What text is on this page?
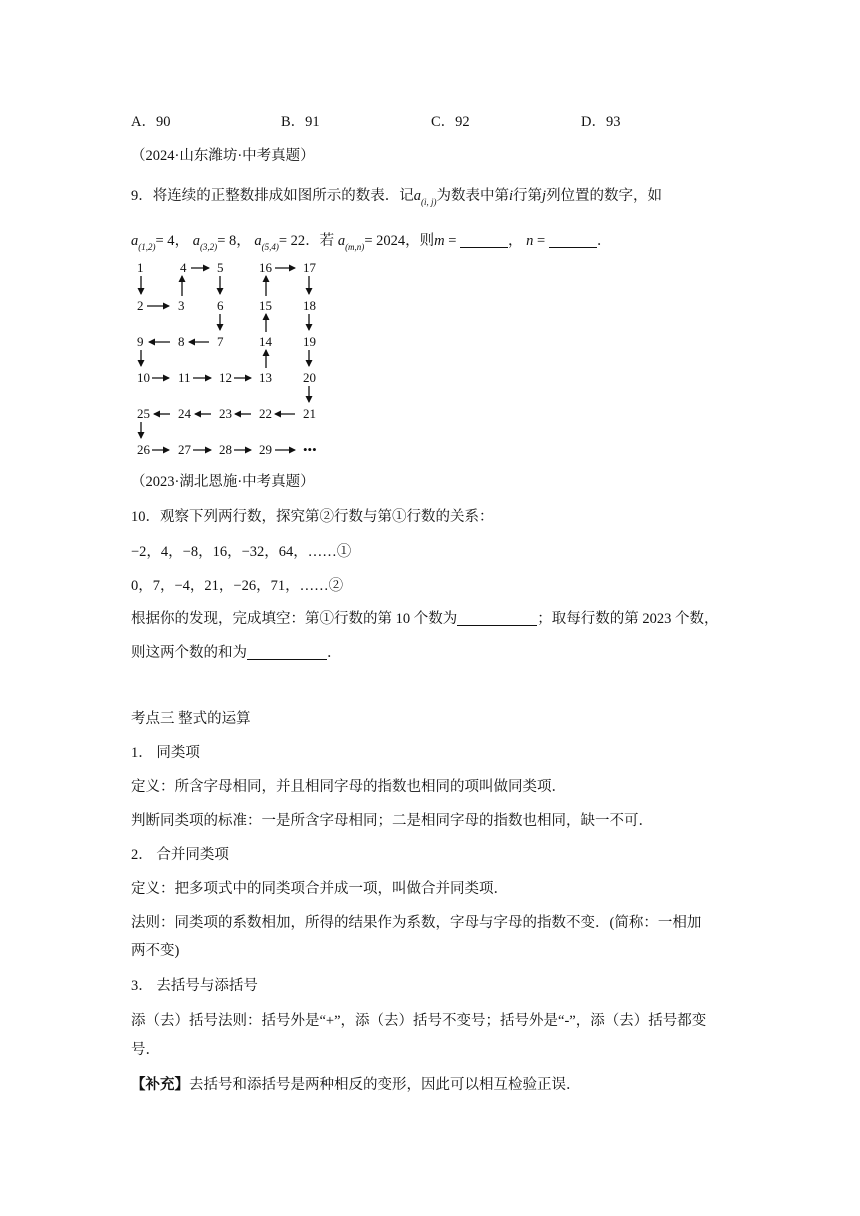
A．90	B．91	C．92	D．93
（2024·山东潍坊·中考真题）
9．将连续的正整数排成如图所示的数表．记$a_{(i, j)}$为数表中第i行第j列位置的数字，如
$a_{(1,2)}= 4$， $a_{(3,2)}= 8$， $a_{(5,4)}= 22$．若 $a_{(m,n)}= 2024$，则m =	， n =	．
1	4 5	16 17
2	3	6	15 18
9	8	7	14 19
10 11 12 13 20
25 24 23 22 21
26 27 28 29 •••
（2023·湖北恩施·中考真题）
10．观察下列两行数，探究第②行数与第①行数的关系：
−2，4，−8，16，−32，64，……①
0，7，−4，21，−26，71，……②
根据你的发现，完成填空：第①行数的第 10 个数为	；取每行数的第 2023 个数，
则这两个数的和为	．
考点三 整式的运算
1． 同类项
定义：所含字母相同，并且相同字母的指数也相同的项叫做同类项．
判断同类项的标准：一是所含字母相同；二是相同字母的指数也相同，缺一不可．
2． 合并同类项
定义：把多项式中的同类项合并成一项，叫做合并同类项．
法则：同类项的系数相加，所得的结果作为系数，字母与字母的指数不变．(简称：一相加
两不变)
3． 去括号与添括号
添（去）括号法则：括号外是“+”，添（去）括号不变号；括号外是“-”，添（去）括号都变
号．
【补充】去括号和添括号是两种相反的变形，因此可以相互检验正误．
